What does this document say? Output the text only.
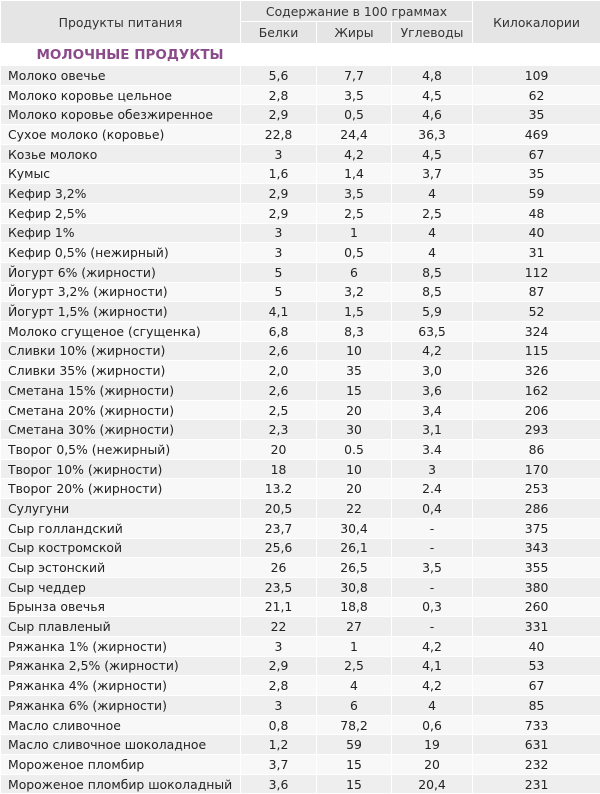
Продукты питания	Содержание в 100 граммах			Килокалории
	Белки	Жиры	Углеводы	
МОЛОЧНЫЕ ПРОДУКТЫ				
Молоко овечье	5,6	7,7	4,8	109
Молоко коровье цельное	2,8	3,5	4,5	62
Молоко коровье обезжиренное	2,9	0,5	4,6	35
Сухое молоко (коровье)	22,8	24,4	36,3	469
Козье молоко	3	4,2	4,5	67
Кумыс	1,6	1,4	3,7	35
Кефир 3,2%	2,9	3,5	4	59
Кефир 2,5%	2,9	2,5	2,5	48
Кефир 1%	3	1	4	40
Кефир 0,5% (нежирный)	3	0,5	4	31
Йогурт 6% (жирности)	5	6	8,5	112
Йогурт 3,2% (жирности)	5	3,2	8,5	87
Йогурт 1,5% (жирности)	4,1	1,5	5,9	52
Молоко сгущеное (сгущенка)	6,8	8,3	63,5	324
Сливки 10% (жирности)	2,6	10	4,2	115
Сливки 35% (жирности)	2,0	35	3,0	326
Сметана 15% (жирности)	2,6	15	3,6	162
Сметана 20% (жирности)	2,5	20	3,4	206
Сметана 30% (жирности)	2,3	30	3,1	293
Творог 0,5% (нежирный)	20	0.5	3.4	86
Творог 10% (жирности)	18	10	3	170
Творог 20% (жирности)	13.2	20	2.4	253
Сулугуни	20,5	22	0,4	286
Сыр голландский	23,7	30,4	-	375
Сыр костромской	25,6	26,1	-	343
Сыр эстонский	26	26,5	3,5	355
Сыр чеддер	23,5	30,8	-	380
Брынза овечья	21,1	18,8	0,3	260
Сыр плавленый	22	27	-	331
Ряжанка 1% (жирности)	3	1	4,2	40
Ряжанка 2,5% (жирности)	2,9	2,5	4,1	53
Ряжанка 4% (жирности)	2,8	4	4,2	67
Ряжанка 6% (жирности)	3	6	4	85
Масло сливочное	0,8	78,2	0,6	733
Масло сливочное шоколадное	1,2	59	19	631
Мороженое пломбир	3,7	15	20	232
Мороженое пломбир шоколадный	3,6	15	20,4	231
